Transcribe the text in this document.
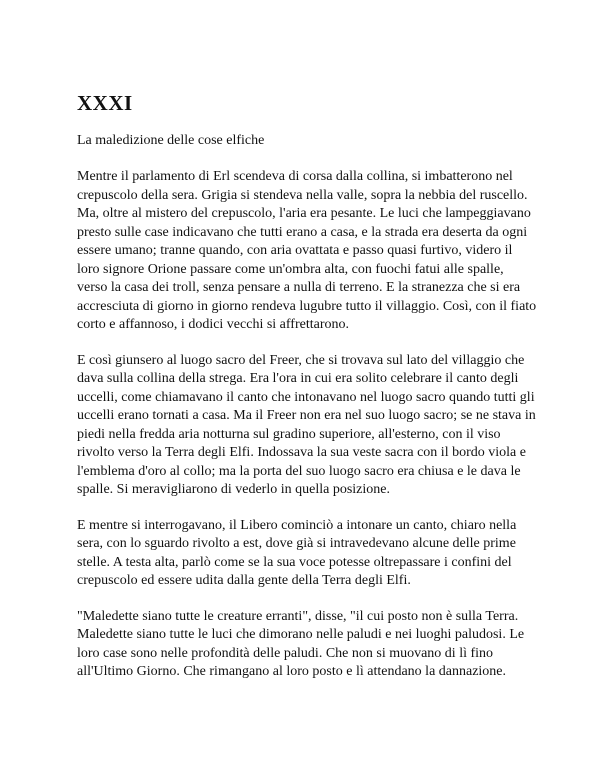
XXXI

La maledizione delle cose elfiche

Mentre il parlamento di Erl scendeva di corsa dalla collina, si imbatterono nel crepuscolo della sera. Grigia si stendeva nella valle, sopra la nebbia del ruscello. Ma, oltre al mistero del crepuscolo, l'aria era pesante. Le luci che lampeggiavano presto sulle case indicavano che tutti erano a casa, e la strada era deserta da ogni essere umano; tranne quando, con aria ovattata e passo quasi furtivo, videro il loro signore Orione passare come un'ombra alta, con fuochi fatui alle spalle, verso la casa dei troll, senza pensare a nulla di terreno. E la stranezza che si era accresciuta di giorno in giorno rendeva lugubre tutto il villaggio. Così, con il fiato corto e affannoso, i dodici vecchi si affrettarono.

E così giunsero al luogo sacro del Freer, che si trovava sul lato del villaggio che dava sulla collina della strega. Era l'ora in cui era solito celebrare il canto degli uccelli, come chiamavano il canto che intonavano nel luogo sacro quando tutti gli uccelli erano tornati a casa. Ma il Freer non era nel suo luogo sacro; se ne stava in piedi nella fredda aria notturna sul gradino superiore, all'esterno, con il viso rivolto verso la Terra degli Elfi. Indossava la sua veste sacra con il bordo viola e l'emblema d'oro al collo; ma la porta del suo luogo sacro era chiusa e le dava le spalle. Si meravigliarono di vederlo in quella posizione.

E mentre si interrogavano, il Libero cominciò a intonare un canto, chiaro nella sera, con lo sguardo rivolto a est, dove già si intravedevano alcune delle prime stelle. A testa alta, parlò come se la sua voce potesse oltrepassare i confini del crepuscolo ed essere udita dalla gente della Terra degli Elfi.

"Maledette siano tutte le creature erranti", disse, "il cui posto non è sulla Terra. Maledette siano tutte le luci che dimorano nelle paludi e nei luoghi paludosi. Le loro case sono nelle profondità delle paludi. Che non si muovano di lì fino all'Ultimo Giorno. Che rimangano al loro posto e lì attendano la dannazione.
